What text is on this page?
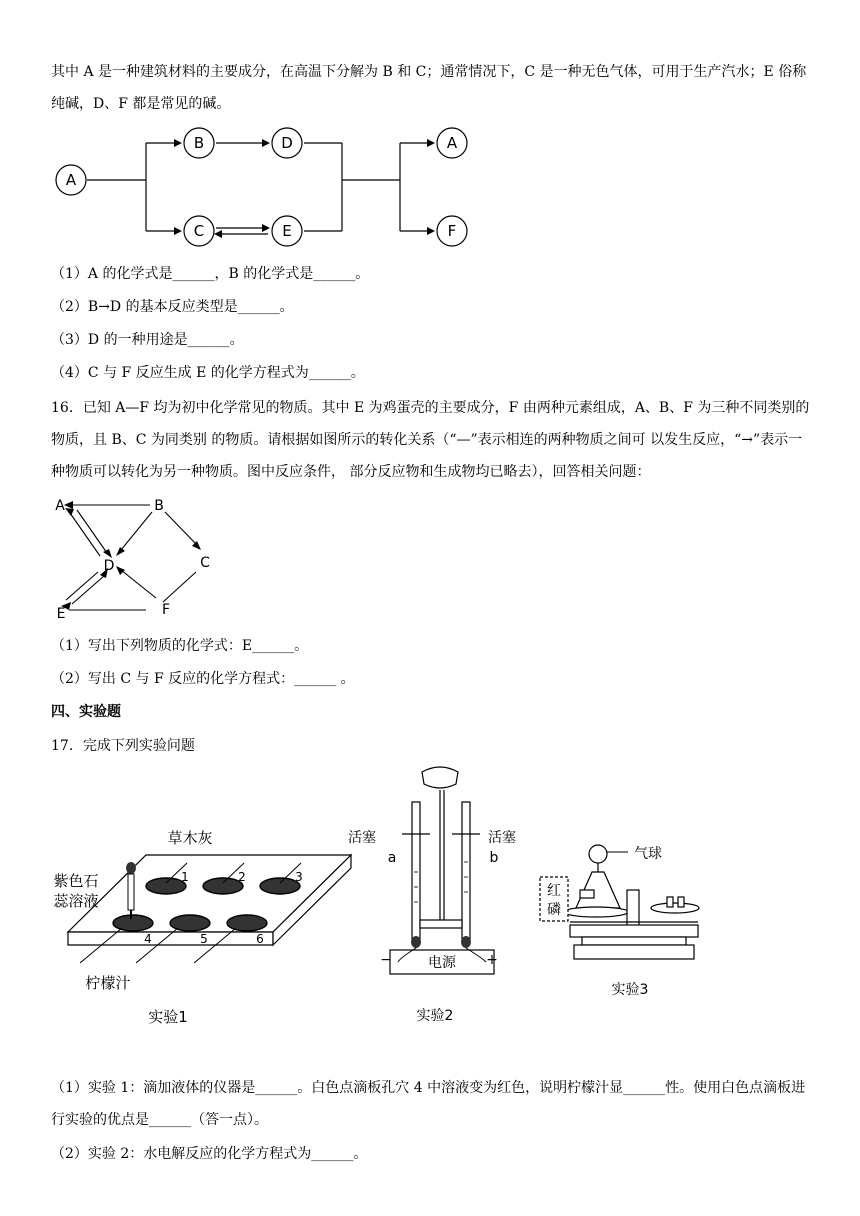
其中 A 是一种建筑材料的主要成分，在高温下分解为 B 和 C；通常情况下，C 是一种无色气体，可用于生产汽水；E 俗称纯碱，D、F 都是常见的碱。

A
B	D
C	E
A
F

（1）A 的化学式是______，B 的化学式是______。

（2）B→D 的基本反应类型是______。

（3）D 的一种用途是______。

（4）C 与 F 反应生成 E 的化学方程式为______。

16．已知 A—F 均为初中化学常见的物质。其中 E 为鸡蛋壳的主要成分，F 由两种元素组成，A、B、F 为三种不同类别的物质，且 B、C 为同类别 的物质。请根据如图所示的转化关系（“—”表示相连的两种物质之间可 以发生反应，“→”表示一种物质可以转化为另一种物质。图中反应条件， 部分反应物和生成物均已略去），回答相关问题：

A	B
C
D
E	F

（1）写出下列物质的化学式：E______。

（2）写出 C 与 F 反应的化学方程式：______ 。

四、实验题

17．完成下列实验问题

1	2	3
4	5	6
草木灰
紫色石
蕊溶液
柠檬汁
实验1
活塞	活塞
a	b
−	+
电源
实验2
气球
红
磷
实验3

（1）实验 1：滴加液体的仪器是______。白色点滴板孔穴 4 中溶液变为红色，说明柠檬汁显______性。使用白色点滴板进行实验的优点是______（答一点）。

（2）实验 2：水电解反应的化学方程式为______。
